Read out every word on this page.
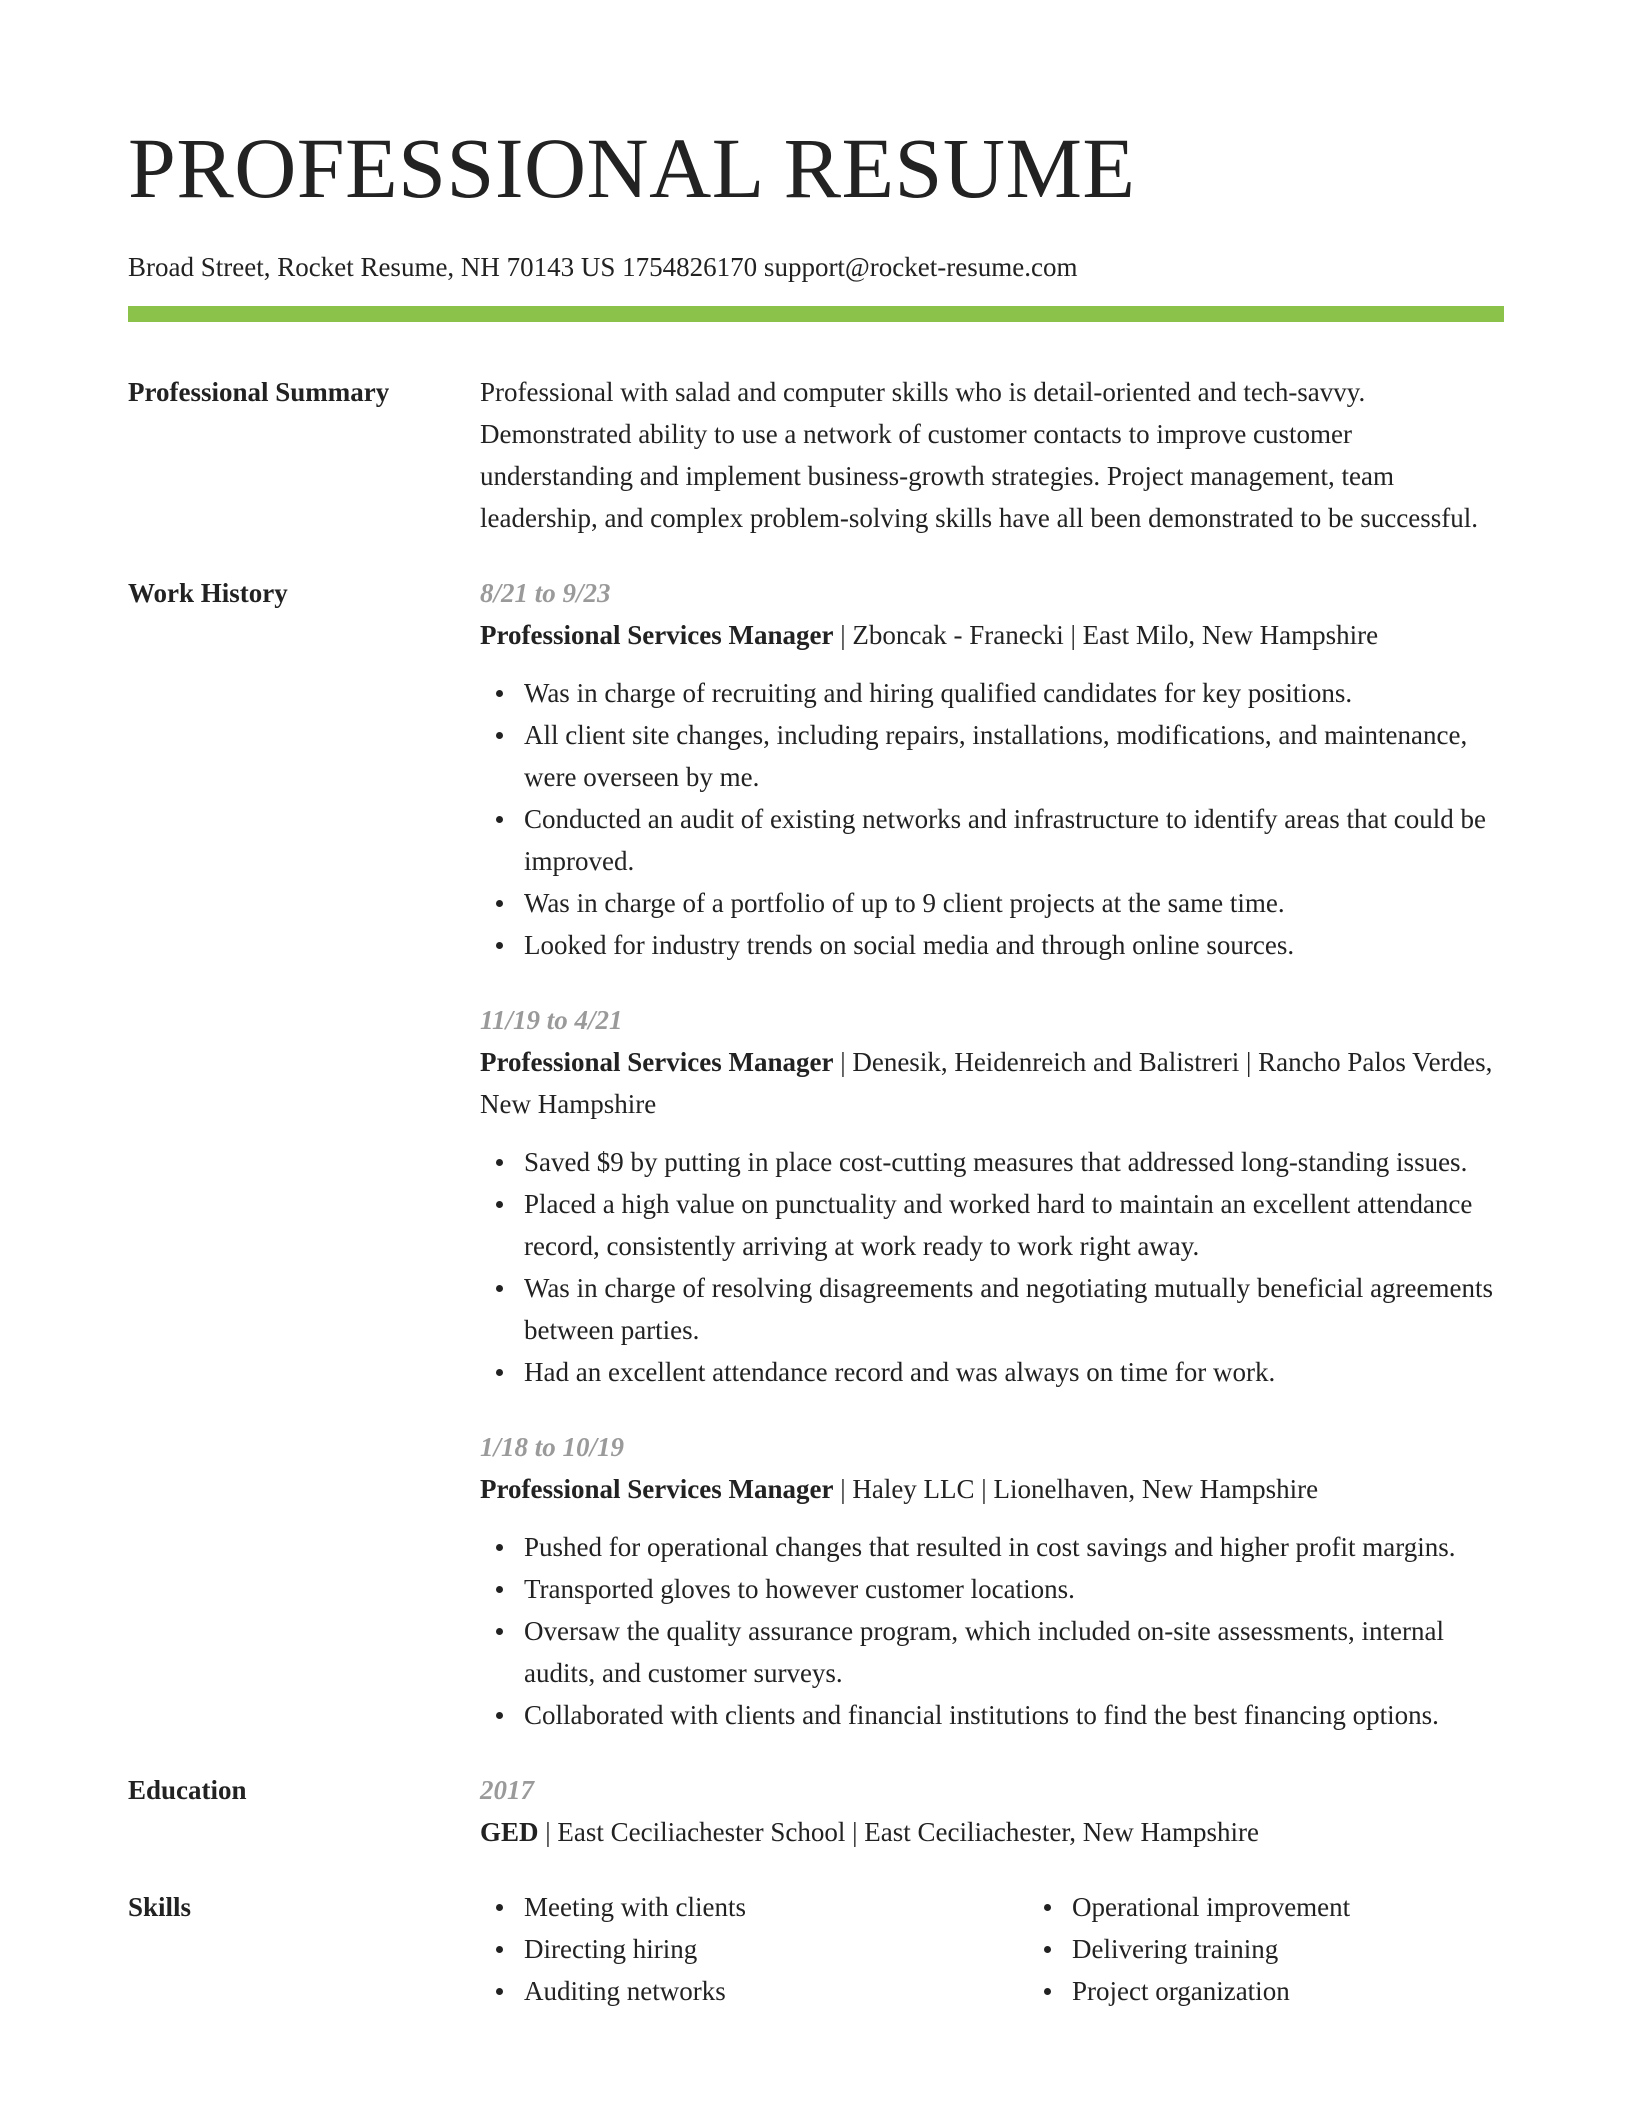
PROFESSIONAL RESUME
Broad Street, Rocket Resume, NH 70143 US 1754826170 support@rocket-resume.com
Professional Summary	Professional with salad and computer skills who is detail-oriented and tech-savvy. Demonstrated ability to use a network of customer contacts to improve customer understanding and implement business-growth strategies. Project management, team leadership, and complex problem-solving skills have all been demonstrated to be successful.
Work History	8/21 to 9/23
Professional Services Manager | Zboncak - Franecki | East Milo, New Hampshire
Was in charge of recruiting and hiring qualified candidates for key positions.
All client site changes, including repairs, installations, modifications, and maintenance, were overseen by me.
Conducted an audit of existing networks and infrastructure to identify areas that could be improved.
Was in charge of a portfolio of up to 9 client projects at the same time.
Looked for industry trends on social media and through online sources.
11/19 to 4/21
Professional Services Manager | Denesik, Heidenreich and Balistreri | Rancho Palos Verdes, New Hampshire
Saved $9 by putting in place cost-cutting measures that addressed long-standing issues.
Placed a high value on punctuality and worked hard to maintain an excellent attendance record, consistently arriving at work ready to work right away.
Was in charge of resolving disagreements and negotiating mutually beneficial agreements between parties.
Had an excellent attendance record and was always on time for work.
1/18 to 10/19
Professional Services Manager | Haley LLC | Lionelhaven, New Hampshire
Pushed for operational changes that resulted in cost savings and higher profit margins.
Transported gloves to however customer locations.
Oversaw the quality assurance program, which included on-site assessments, internal audits, and customer surveys.
Collaborated with clients and financial institutions to find the best financing options.
Education	2017
GED | East Ceciliachester School | East Ceciliachester, New Hampshire
Skills	Meeting with clients
Directing hiring
Auditing networks
Operational improvement
Delivering training
Project organization
